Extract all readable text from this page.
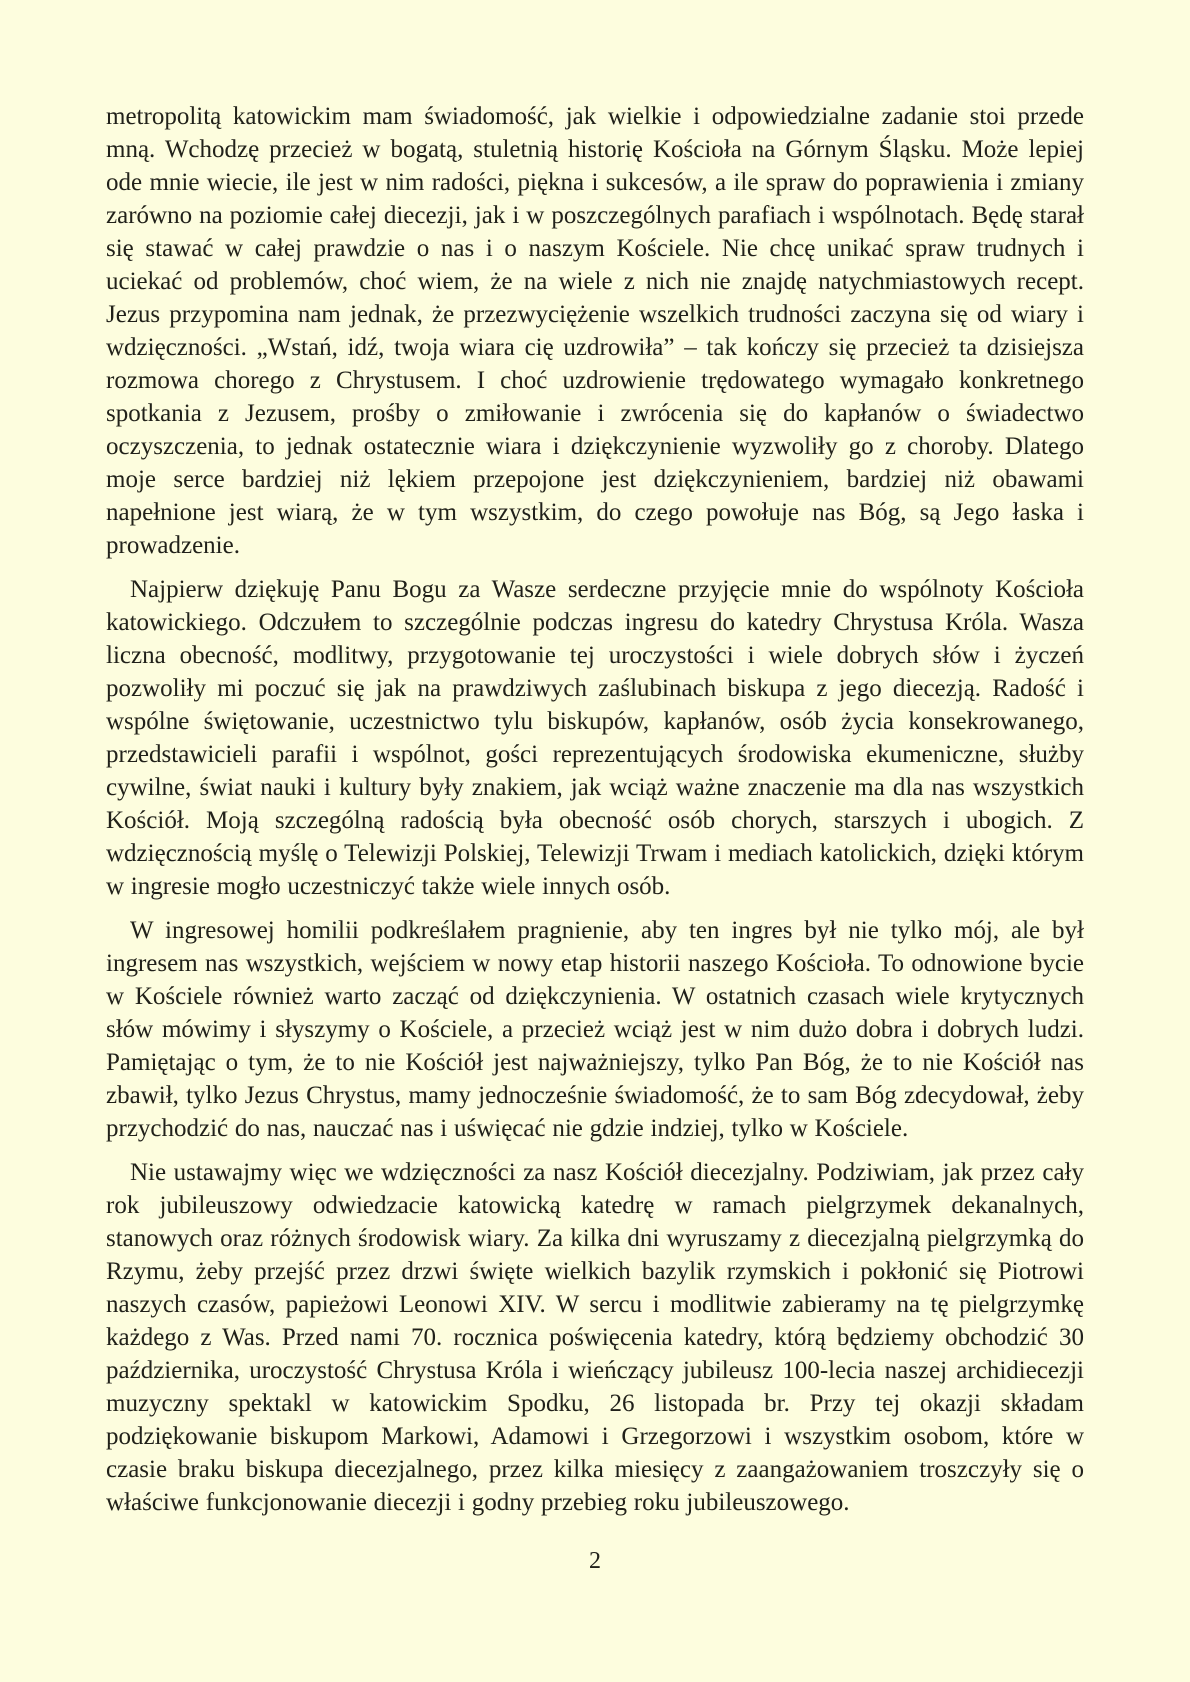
metropolitą katowickim mam świadomość, jak wielkie i odpowiedzialne zadanie stoi przede mną. Wchodzę przecież w bogatą, stuletnią historię Kościoła na Górnym Śląsku. Może lepiej ode mnie wiecie, ile jest w nim radości, piękna i sukcesów, a ile spraw do poprawienia i zmiany zarówno na poziomie całej diecezji, jak i w poszczególnych parafiach i wspólnotach. Będę starał się stawać w całej prawdzie o nas i o naszym Kościele. Nie chcę unikać spraw trudnych i uciekać od problemów, choć wiem, że na wiele z nich nie znajdę natychmiastowych recept. Jezus przypomina nam jednak, że przezwyciężenie wszelkich trudności zaczyna się od wiary i wdzięczności. „Wstań, idź, twoja wiara cię uzdrowiła” – tak kończy się przecież ta dzisiejsza rozmowa chorego z Chrystusem. I choć uzdrowienie trędowatego wymagało konkretnego spotkania z Jezusem, prośby o zmiłowanie i zwrócenia się do kapłanów o świadectwo oczyszczenia, to jednak ostatecznie wiara i dziękczynienie wyzwoliły go z choroby. Dlatego moje serce bardziej niż lękiem przepojone jest dziękczynieniem, bardziej niż obawami napełnione jest wiarą, że w tym wszystkim, do czego powołuje nas Bóg, są Jego łaska i prowadzenie.

Najpierw dziękuję Panu Bogu za Wasze serdeczne przyjęcie mnie do wspólnoty Kościoła katowickiego. Odczułem to szczególnie podczas ingresu do katedry Chrystusa Króla. Wasza liczna obecność, modlitwy, przygotowanie tej uroczystości i wiele dobrych słów i życzeń pozwoliły mi poczuć się jak na prawdziwych zaślubinach biskupa z jego diecezją. Radość i wspólne świętowanie, uczestnictwo tylu biskupów, kapłanów, osób życia konsekrowanego, przedstawicieli parafii i wspólnot, gości reprezentujących środowiska ekumeniczne, służby cywilne, świat nauki i kultury były znakiem, jak wciąż ważne znaczenie ma dla nas wszystkich Kościół. Moją szczególną radością była obecność osób chorych, starszych i ubogich. Z wdzięcznością myślę o Telewizji Polskiej, Telewizji Trwam i mediach katolickich, dzięki którym w ingresie mogło uczestniczyć także wiele innych osób.

W ingresowej homilii podkreślałem pragnienie, aby ten ingres był nie tylko mój, ale był ingresem nas wszystkich, wejściem w nowy etap historii naszego Kościoła. To odnowione bycie w Kościele również warto zacząć od dziękczynienia. W ostatnich czasach wiele krytycznych słów mówimy i słyszymy o Kościele, a przecież wciąż jest w nim dużo dobra i dobrych ludzi. Pamiętając o tym, że to nie Kościół jest najważniejszy, tylko Pan Bóg, że to nie Kościół nas zbawił, tylko Jezus Chrystus, mamy jednocześnie świadomość, że to sam Bóg zdecydował, żeby przychodzić do nas, nauczać nas i uświęcać nie gdzie indziej, tylko w Kościele.

Nie ustawajmy więc we wdzięczności za nasz Kościół diecezjalny. Podziwiam, jak przez cały rok jubileuszowy odwiedzacie katowicką katedrę w ramach pielgrzymek dekanalnych, stanowych oraz różnych środowisk wiary. Za kilka dni wyruszamy z diecezjalną pielgrzymką do Rzymu, żeby przejść przez drzwi święte wielkich bazylik rzymskich i pokłonić się Piotrowi naszych czasów, papieżowi Leonowi XIV. W sercu i modlitwie zabieramy na tę pielgrzymkę każdego z Was. Przed nami 70. rocznica poświęcenia katedry, którą będziemy obchodzić 30 października, uroczystość Chrystusa Króla i wieńczący jubileusz 100-lecia naszej archidiecezji muzyczny spektakl w katowickim Spodku, 26 listopada br. Przy tej okazji składam podziękowanie biskupom Markowi, Adamowi i Grzegorzowi i wszystkim osobom, które w czasie braku biskupa diecezjalnego, przez kilka miesięcy z zaangażowaniem troszczyły się o właściwe funkcjonowanie diecezji i godny przebieg roku jubileuszowego.

2
